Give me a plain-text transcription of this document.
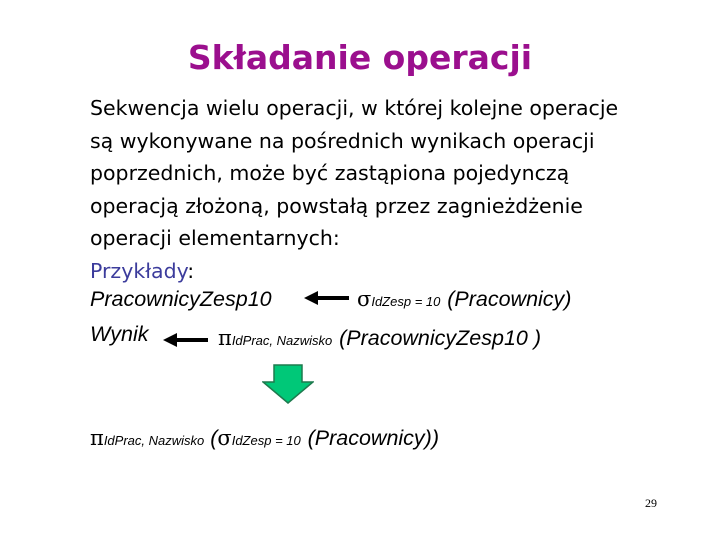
Składanie operacji
Sekwencja wielu operacji, w której kolejne operacje
są wykonywane na pośrednich wynikach operacji
poprzednich, może być zastąpiona pojedynczą
operacją złożoną, powstałą przez zagnieżdżenie
operacji elementarnych:
Przykłady:
PracownicyZesp10	σIdZesp = 10 (Pracownicy)
Wynik	πIdPrac, Nazwisko (PracownicyZesp10 )
πIdPrac, Nazwisko (σIdZesp = 10 (Pracownicy))
29
